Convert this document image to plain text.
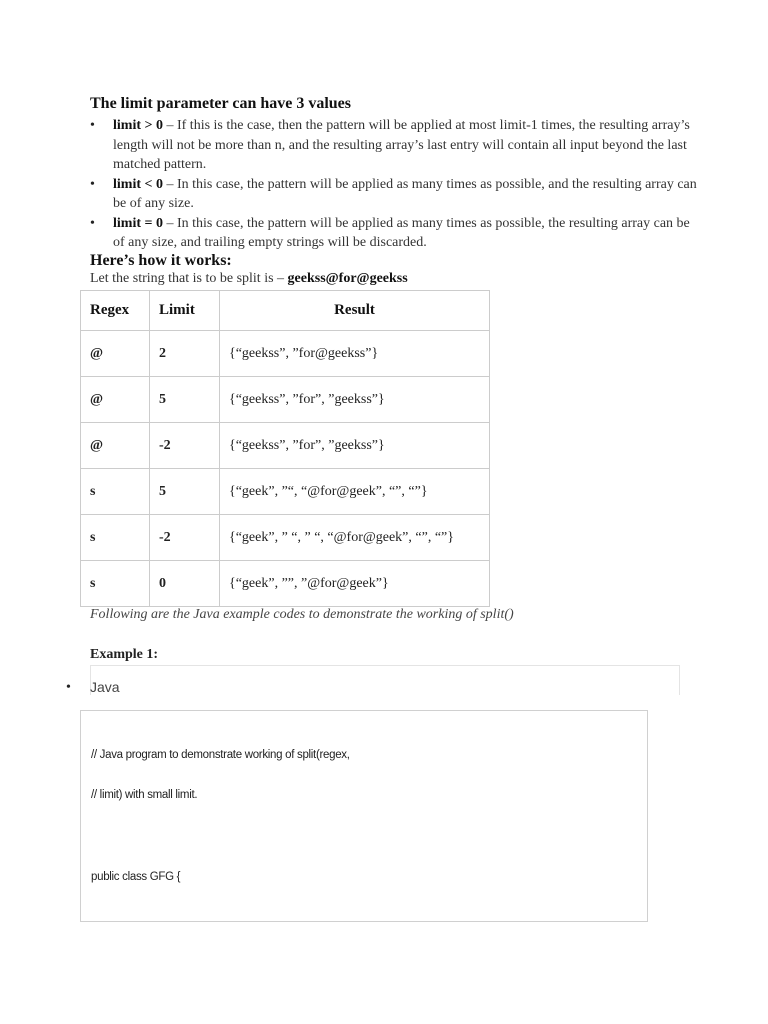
The limit parameter can have 3 values
• limit > 0 – If this is the case, then the pattern will be applied at most limit-1 times, the resulting array’s length will not be more than n, and the resulting array’s last entry will contain all input beyond the last matched pattern.
• limit < 0 – In this case, the pattern will be applied as many times as possible, and the resulting array can be of any size.
• limit = 0 – In this case, the pattern will be applied as many times as possible, the resulting array can be of any size, and trailing empty strings will be discarded.
Here’s how it works:
Let the string that is to be split is – geekss@for@geekss
Regex	Limit	Result
@	2	{“geekss”, ”for@geekss”}
@	5	{“geekss”, ”for”, ”geekss”}
@	-2	{“geekss”, ”for”, ”geekss”}
s	5	{“geek”, ”“, “@for@geek”, “”, “”}
s	-2	{“geek”, ” “, ” “, “@for@geek”, “”, “”}
s	0	{“geek”, ””, ”@for@geek”}
Following are the Java example codes to demonstrate the working of split()
Example 1:
• Java
// Java program to demonstrate working of split(regex,
// limit) with small limit.
public class GFG {
